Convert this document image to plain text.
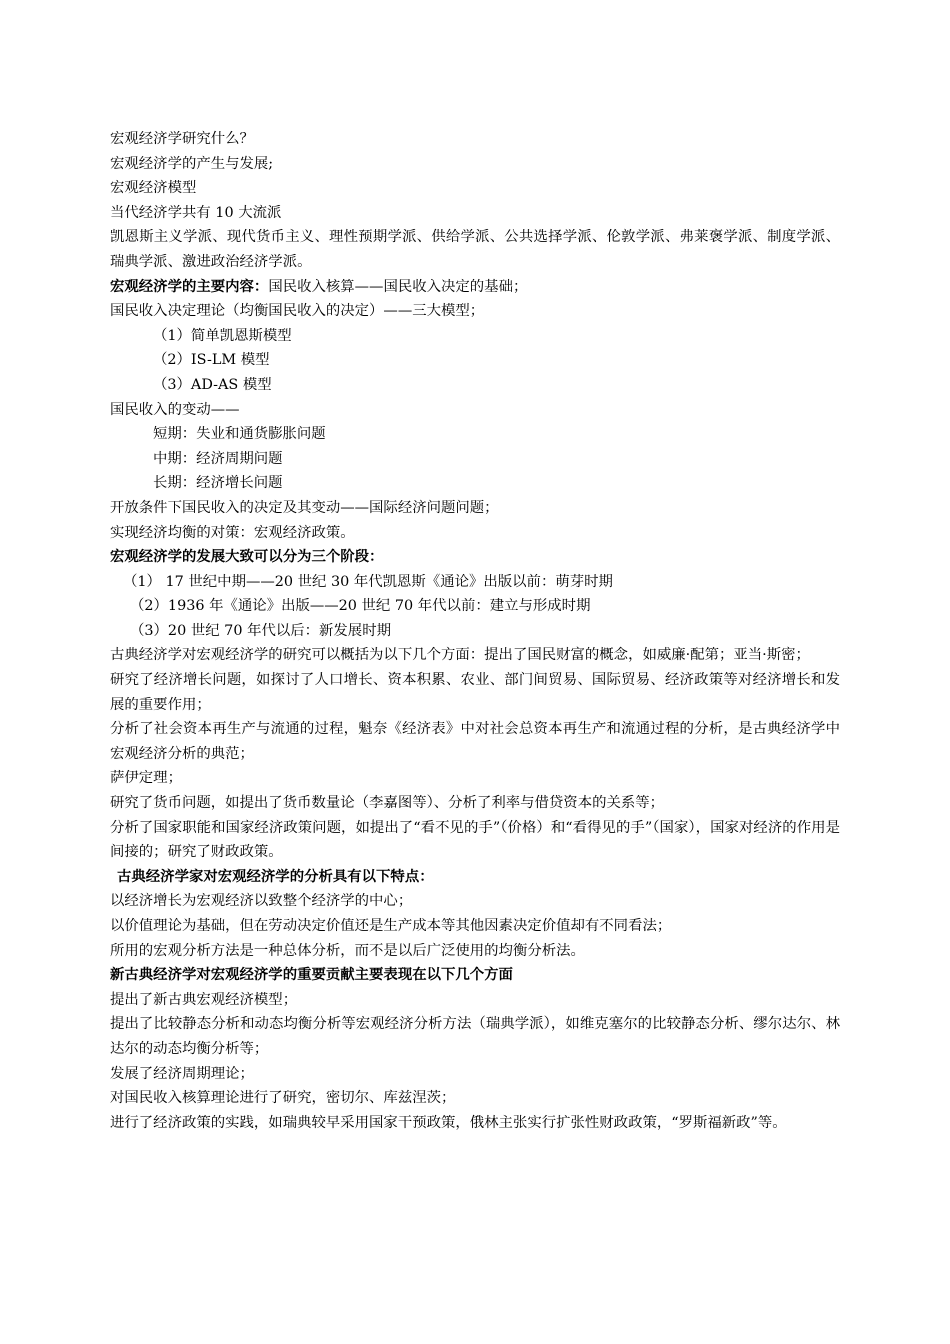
宏观经济学研究什么？
宏观经济学的产生与发展;
宏观经济模型
当代经济学共有 10 大流派
凯恩斯主义学派、现代货币主义、理性预期学派、供给学派、公共选择学派、伦敦学派、弗莱褒学派、制度学派、瑞典学派、激进政治经济学派。
宏观经济学的主要内容：国民收入核算——国民收入决定的基础；
国民收入决定理论（均衡国民收入的决定）——三大模型；
（1）简单凯恩斯模型
（2）IS-LM 模型
（3）AD-AS 模型
国民收入的变动——
短期：失业和通货膨胀问题
中期：经济周期问题
长期：经济增长问题
开放条件下国民收入的决定及其变动——国际经济问题问题；
实现经济均衡的对策：宏观经济政策。
宏观经济学的发展大致可以分为三个阶段：
（1） 17 世纪中期——20 世纪 30 年代凯恩斯《通论》出版以前：萌芽时期
（2）1936 年《通论》出版——20 世纪 70 年代以前：建立与形成时期
（3）20 世纪 70 年代以后：新发展时期
古典经济学对宏观经济学的研究可以概括为以下几个方面：提出了国民财富的概念，如威廉·配第；亚当·斯密；
研究了经济增长问题，如探讨了人口增长、资本积累、农业、部门间贸易、国际贸易、经济政策等对经济增长和发展的重要作用；
分析了社会资本再生产与流通的过程，魁奈《经济表》中对社会总资本再生产和流通过程的分析，是古典经济学中宏观经济分析的典范；
萨伊定理；
研究了货币问题，如提出了货币数量论（李嘉图等）、分析了利率与借贷资本的关系等；
分析了国家职能和国家经济政策问题，如提出了“看不见的手”（价格）和“看得见的手”（国家），国家对经济的作用是间接的；研究了财政政策。
古典经济学家对宏观经济学的分析具有以下特点：
以经济增长为宏观经济以致整个经济学的中心；
以价值理论为基础，但在劳动决定价值还是生产成本等其他因素决定价值却有不同看法；
所用的宏观分析方法是一种总体分析，而不是以后广泛使用的均衡分析法。
新古典经济学对宏观经济学的重要贡献主要表现在以下几个方面
提出了新古典宏观经济模型；
提出了比较静态分析和动态均衡分析等宏观经济分析方法（瑞典学派），如维克塞尔的比较静态分析、缪尔达尔、林达尔的动态均衡分析等；
发展了经济周期理论；
对国民收入核算理论进行了研究，密切尔、库兹涅茨；
进行了经济政策的实践，如瑞典较早采用国家干预政策，俄林主张实行扩张性财政政策，“罗斯福新政”等。
